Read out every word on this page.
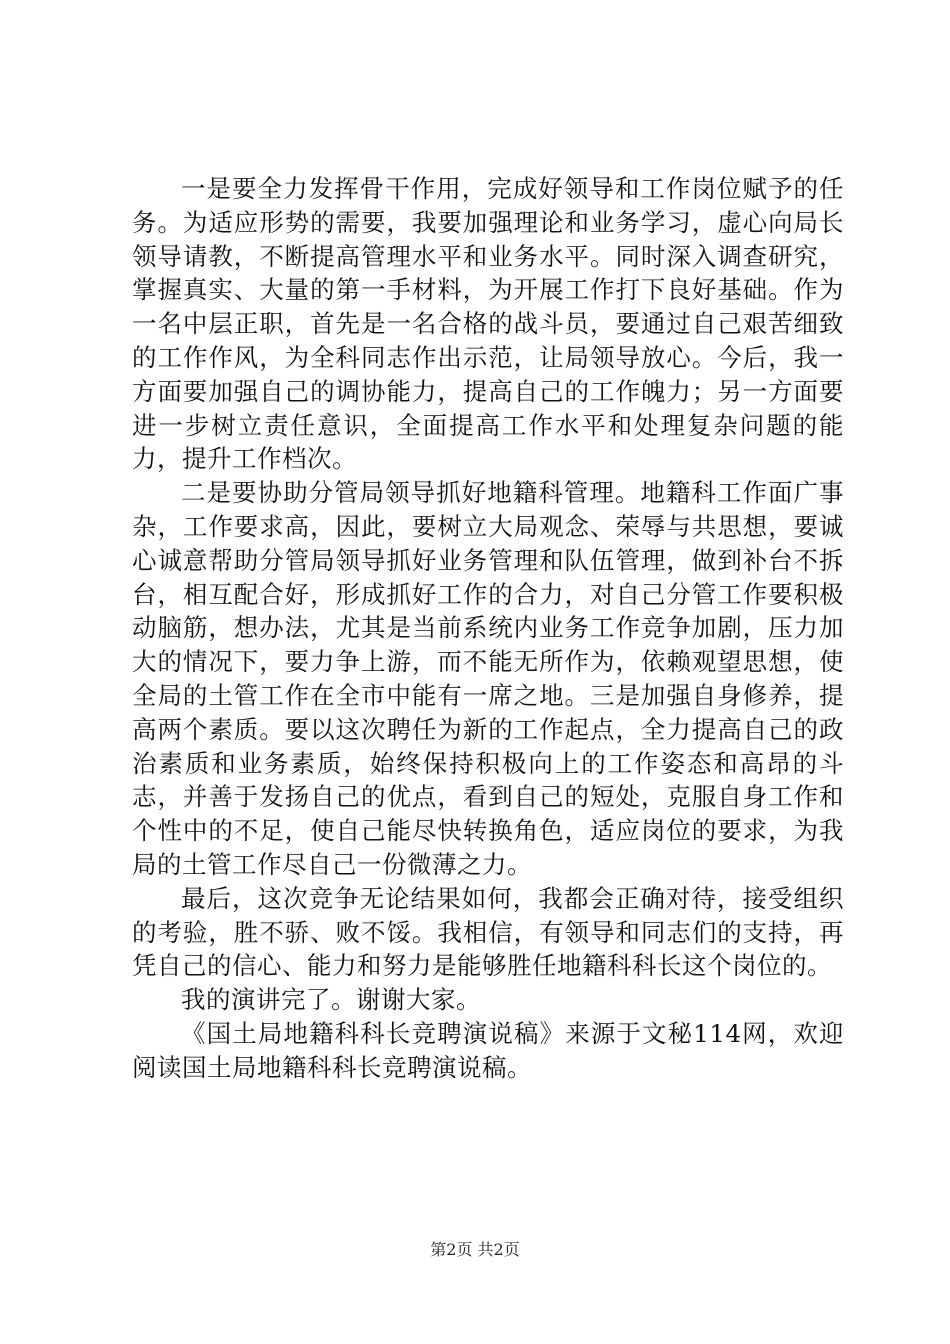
一是要全力发挥骨干作用，完成好领导和工作岗位赋予的任务。为适应形势的需要，我要加强理论和业务学习，虚心向局长领导请教，不断提高管理水平和业务水平。同时深入调查研究，掌握真实、大量的第一手材料，为开展工作打下良好基础。作为一名中层正职，首先是一名合格的战斗员，要通过自己艰苦细致的工作作风，为全科同志作出示范，让局领导放心。今后，我一方面要加强自己的调协能力，提高自己的工作魄力；另一方面要进一步树立责任意识，全面提高工作水平和处理复杂问题的能力，提升工作档次。

二是要协助分管局领导抓好地籍科管理。地籍科工作面广事杂，工作要求高，因此，要树立大局观念、荣辱与共思想，要诚心诚意帮助分管局领导抓好业务管理和队伍管理，做到补台不拆台，相互配合好，形成抓好工作的合力，对自己分管工作要积极动脑筋，想办法，尤其是当前系统内业务工作竞争加剧，压力加大的情况下，要力争上游，而不能无所作为，依赖观望思想，使全局的土管工作在全市中能有一席之地。三是加强自身修养，提高两个素质。要以这次聘任为新的工作起点，全力提高自己的政治素质和业务素质，始终保持积极向上的工作姿态和高昂的斗志，并善于发扬自己的优点，看到自己的短处，克服自身工作和个性中的不足，使自己能尽快转换角色，适应岗位的要求，为我局的土管工作尽自己一份微薄之力。

最后，这次竞争无论结果如何，我都会正确对待，接受组织的考验，胜不骄、败不馁。我相信，有领导和同志们的支持，再凭自己的信心、能力和努力是能够胜任地籍科科长这个岗位的。

我的演讲完了。谢谢大家。

《国土局地籍科科长竞聘演说稿》来源于文秘114网，欢迎阅读国土局地籍科科长竞聘演说稿。

第2页 共2页
